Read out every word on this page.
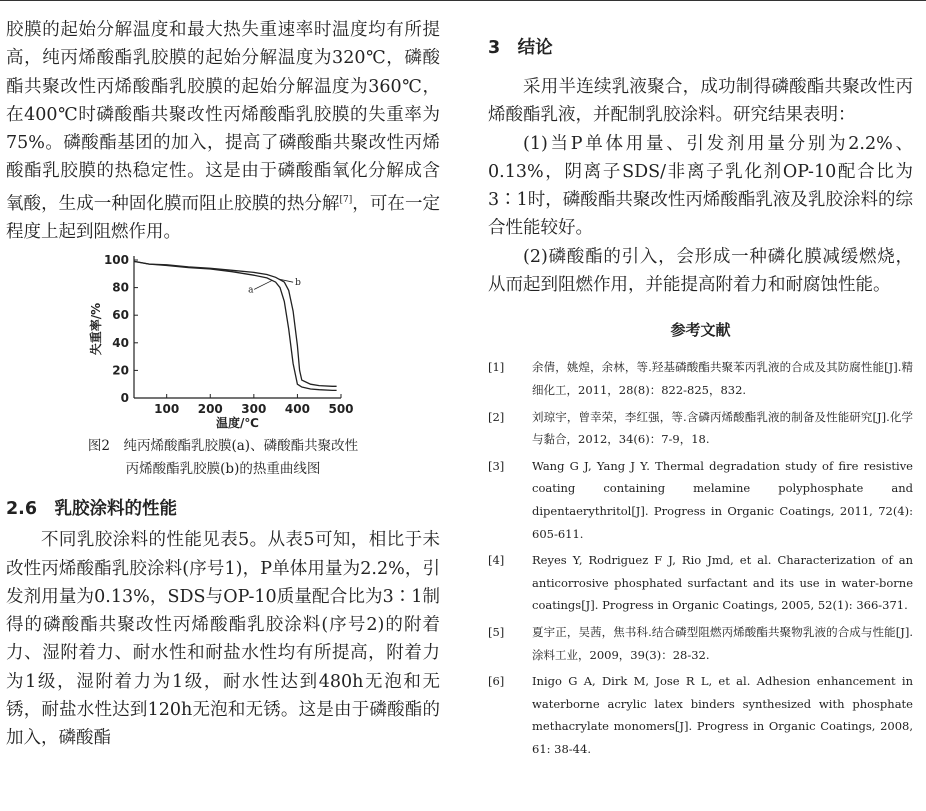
胶膜的起始分解温度和最大热失重速率时温度均有所提高，纯丙烯酸酯乳胶膜的起始分解温度为320℃，磷酸酯共聚改性丙烯酸酯乳胶膜的起始分解温度为360℃，在400℃时磷酸酯共聚改性丙烯酸酯乳胶膜的失重率为75%。磷酸酯基团的加入，提高了磷酸酯共聚改性丙烯酸酯乳胶膜的热稳定性。这是由于磷酸酯氧化分解成含氧酸，生成一种固化膜而阻止胶膜的热分解[7]，可在一定程度上起到阻燃作用。

100 200 300 400 500
0
20
40
60
80
100
温度/℃
失重率/%
a
b
图2　纯丙烯酸酯乳胶膜(a)、磷酸酯共聚改性
丙烯酸酯乳胶膜(b)的热重曲线图

2.6　乳胶涂料的性能

不同乳胶涂料的性能见表5。从表5可知，相比于未改性丙烯酸酯乳胶涂料(序号1)，P单体用量为2.2%，引发剂用量为0.13%，SDS与OP-10质量配合比为3∶1制得的磷酸酯共聚改性丙烯酸酯乳胶涂料(序号2)的附着力、湿附着力、耐水性和耐盐水性均有所提高，附着力为1级，湿附着力为1级，耐水性达到480h无泡和无锈，耐盐水性达到120h无泡和无锈。这是由于磷酸酯的加入，磷酸酯

3　结论

采用半连续乳液聚合，成功制得磷酸酯共聚改性丙烯酸酯乳液，并配制乳胶涂料。研究结果表明：

(1)当P单体用量、引发剂用量分别为2.2%、0.13%，阴离子SDS/非离子乳化剂OP-10配合比为3∶1时，磷酸酯共聚改性丙烯酸酯乳液及乳胶涂料的综合性能较好。

(2)磷酸酯的引入，会形成一种磷化膜减缓燃烧，从而起到阻燃作用，并能提高附着力和耐腐蚀性能。

参考文献

[1]	余倩，姚煌，余林，等.羟基磷酸酯共聚苯丙乳液的合成及其防腐性能[J].精细化工，2011，28(8)：822-825，832.
[2]	刘琼宇，曾幸荣，李红强，等.含磷丙烯酸酯乳液的制备及性能研究[J].化学与黏合，2012，34(6)：7-9，18.
[3]	Wang G J, Yang J Y. Thermal degradation study of fire resistive coating containing melamine polyphosphate and dipentaerythritol[J]. Progress in Organic Coatings, 2011, 72(4): 605-611.
[4]	Reyes Y, Rodriguez F J, Rio Jmd, et al. Characterization of an anticorrosive phosphated surfactant and its use in water-borne coatings[J]. Progress in Organic Coatings, 2005, 52(1): 366-371.
[5]	夏宇正，吴茜，焦书科.结合磷型阻燃丙烯酸酯共聚物乳液的合成与性能[J].涂料工业，2009，39(3)：28-32.
[6]	Inigo G A, Dirk M, Jose R L, et al. Adhesion enhancement in waterborne acrylic latex binders synthesized with phosphate methacrylate monomers[J]. Progress in Organic Coatings, 2008, 61: 38-44.
